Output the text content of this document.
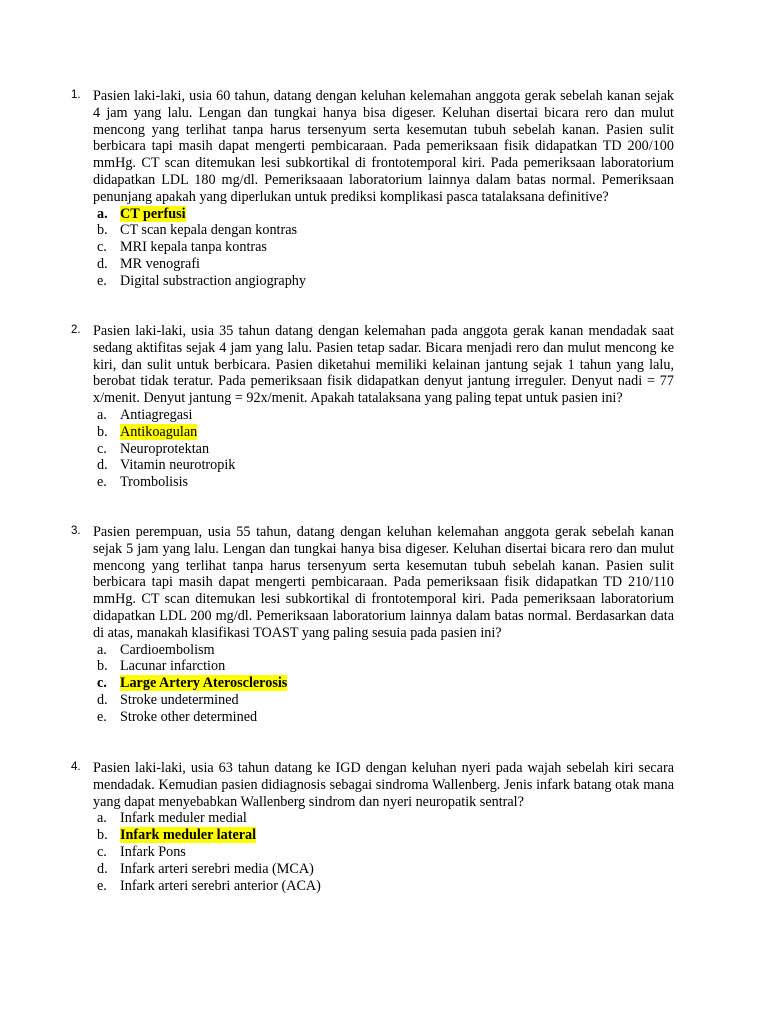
1. Pasien laki-laki, usia 60 tahun, datang dengan keluhan kelemahan anggota gerak sebelah kanan sejak 4 jam yang lalu. Lengan dan tungkai hanya bisa digeser. Keluhan disertai bicara rero dan mulut mencong yang terlihat tanpa harus tersenyum serta kesemutan tubuh sebelah kanan. Pasien sulit berbicara tapi masih dapat mengerti pembicaraan. Pada pemeriksaan fisik didapatkan TD 200/100 mmHg. CT scan ditemukan lesi subkortikal di frontotemporal kiri. Pada pemeriksaan laboratorium didapatkan LDL 180 mg/dl. Pemeriksaaan laboratorium lainnya dalam batas normal. Pemeriksaan penunjang apakah yang diperlukan untuk prediksi komplikasi pasca tatalaksana definitive?

a. CT perfusi
b. CT scan kepala dengan kontras
c. MRI kepala tanpa kontras
d. MR venografi
e. Digital substraction angiography
2. Pasien laki-laki, usia 35 tahun datang dengan kelemahan pada anggota gerak kanan mendadak saat sedang aktifitas sejak 4 jam yang lalu. Pasien tetap sadar. Bicara menjadi rero dan mulut mencong ke kiri, dan sulit untuk berbicara. Pasien diketahui memiliki kelainan jantung sejak 1 tahun yang lalu, berobat tidak teratur. Pada pemeriksaan fisik didapatkan denyut jantung irreguler. Denyut nadi = 77 x/menit. Denyut jantung = 92x/menit. Apakah tatalaksana yang paling tepat untuk pasien ini?

a. Antiagregasi
b. Antikoagulan
c. Neuroprotektan
d. Vitamin neurotropik
e. Trombolisis
3. Pasien perempuan, usia 55 tahun, datang dengan keluhan kelemahan anggota gerak sebelah kanan sejak 5 jam yang lalu. Lengan dan tungkai hanya bisa digeser. Keluhan disertai bicara rero dan mulut mencong yang terlihat tanpa harus tersenyum serta kesemutan tubuh sebelah kanan. Pasien sulit berbicara tapi masih dapat mengerti pembicaraan. Pada pemeriksaan fisik didapatkan TD 210/110 mmHg. CT scan ditemukan lesi subkortikal di frontotemporal kiri. Pada pemeriksaan laboratorium didapatkan LDL 200 mg/dl. Pemeriksaan laboratorium lainnya dalam batas normal. Berdasarkan data di atas, manakah klasifikasi TOAST yang paling sesuia pada pasien ini?

a. Cardioembolism
b. Lacunar infarction
c. Large Artery Aterosclerosis
d. Stroke undetermined
e. Stroke other determined
4. Pasien laki-laki, usia 63 tahun datang ke IGD dengan keluhan nyeri pada wajah sebelah kiri secara mendadak. Kemudian pasien didiagnosis sebagai sindroma Wallenberg. Jenis infark batang otak mana yang dapat menyebabkan Wallenberg sindrom dan nyeri neuropatik sentral?

a. Infark meduler medial
b. Infark meduler lateral
c. Infark Pons
d. Infark arteri serebri media (MCA)
e. Infark arteri serebri anterior (ACA)
